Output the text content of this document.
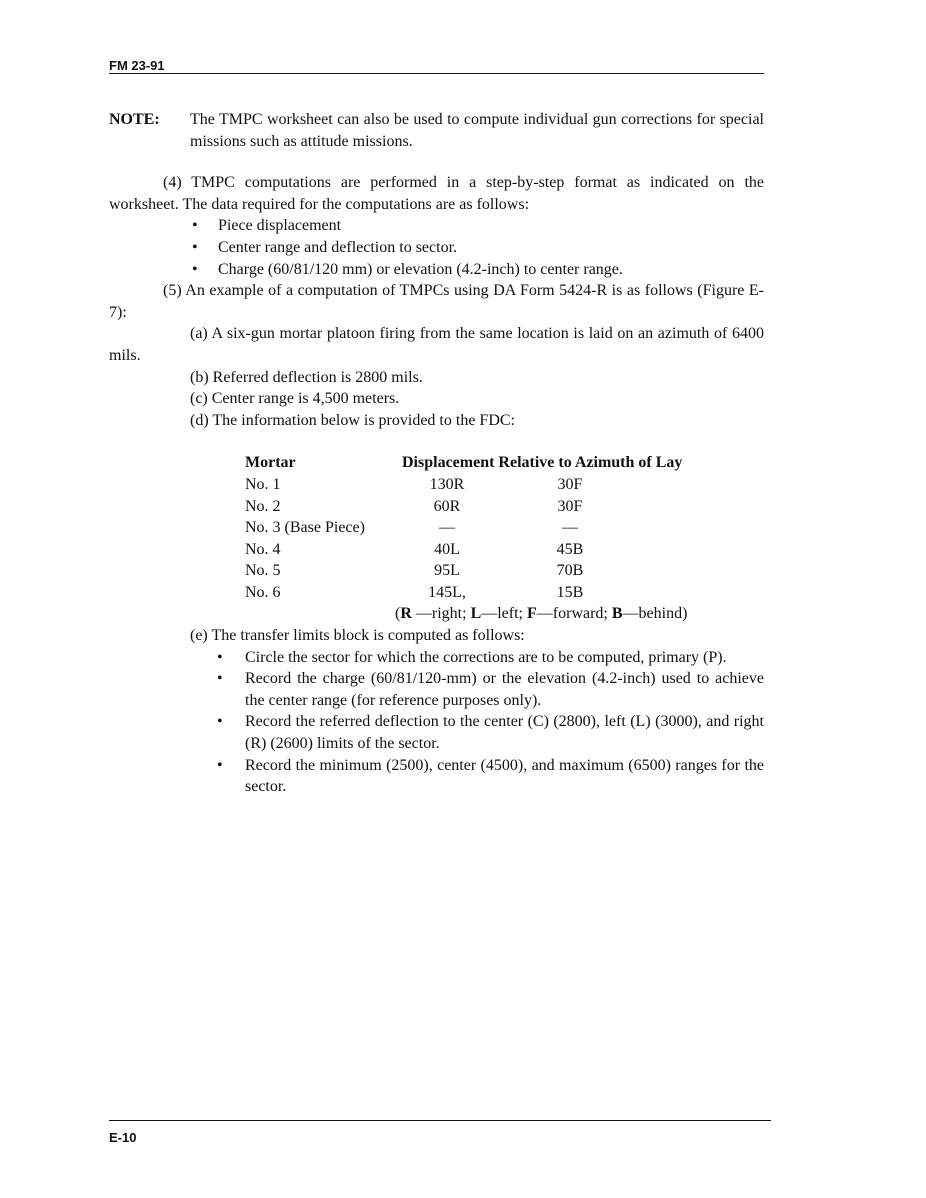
FM 23-91
NOTE:	The TMPC worksheet can also be used to compute individual gun corrections for special missions such as attitude missions.

(4) TMPC computations are performed in a step-by-step format as indicated on the worksheet. The data required for the computations are as follows:

• Piece displacement
• Center range and deflection to sector.
• Charge (60/81/120 mm) or elevation (4.2-inch) to center range.

(5) An example of a computation of TMPCs using DA Form 5424-R is as follows (Figure E-7):

(a) A six-gun mortar platoon firing from the same location is laid on an azimuth of 6400 mils.

(b) Referred deflection is 2800 mils.

(c) Center range is 4,500 meters.

(d) The information below is provided to the FDC:

Mortar	Displacement Relative to Azimuth of Lay
No. 1	130R	30F
No. 2	60R	30F
No. 3 (Base Piece)	—	—
No. 4	40L	45B
No. 5	95L	70B
No. 6	145L,	15B
( R —right; L —left; F —forward; B —behind)

(e) The transfer limits block is computed as follows:

• Circle the sector for which the corrections are to be computed, primary (P).
• Record the charge (60/81/120-mm) or the elevation (4.2-inch) used to achieve the center range (for reference purposes only).
• Record the referred deflection to the center (C) (2800), left (L) (3000), and right (R) (2600) limits of the sector.
• Record the minimum (2500), center (4500), and maximum (6500) ranges for the sector.
E-10
